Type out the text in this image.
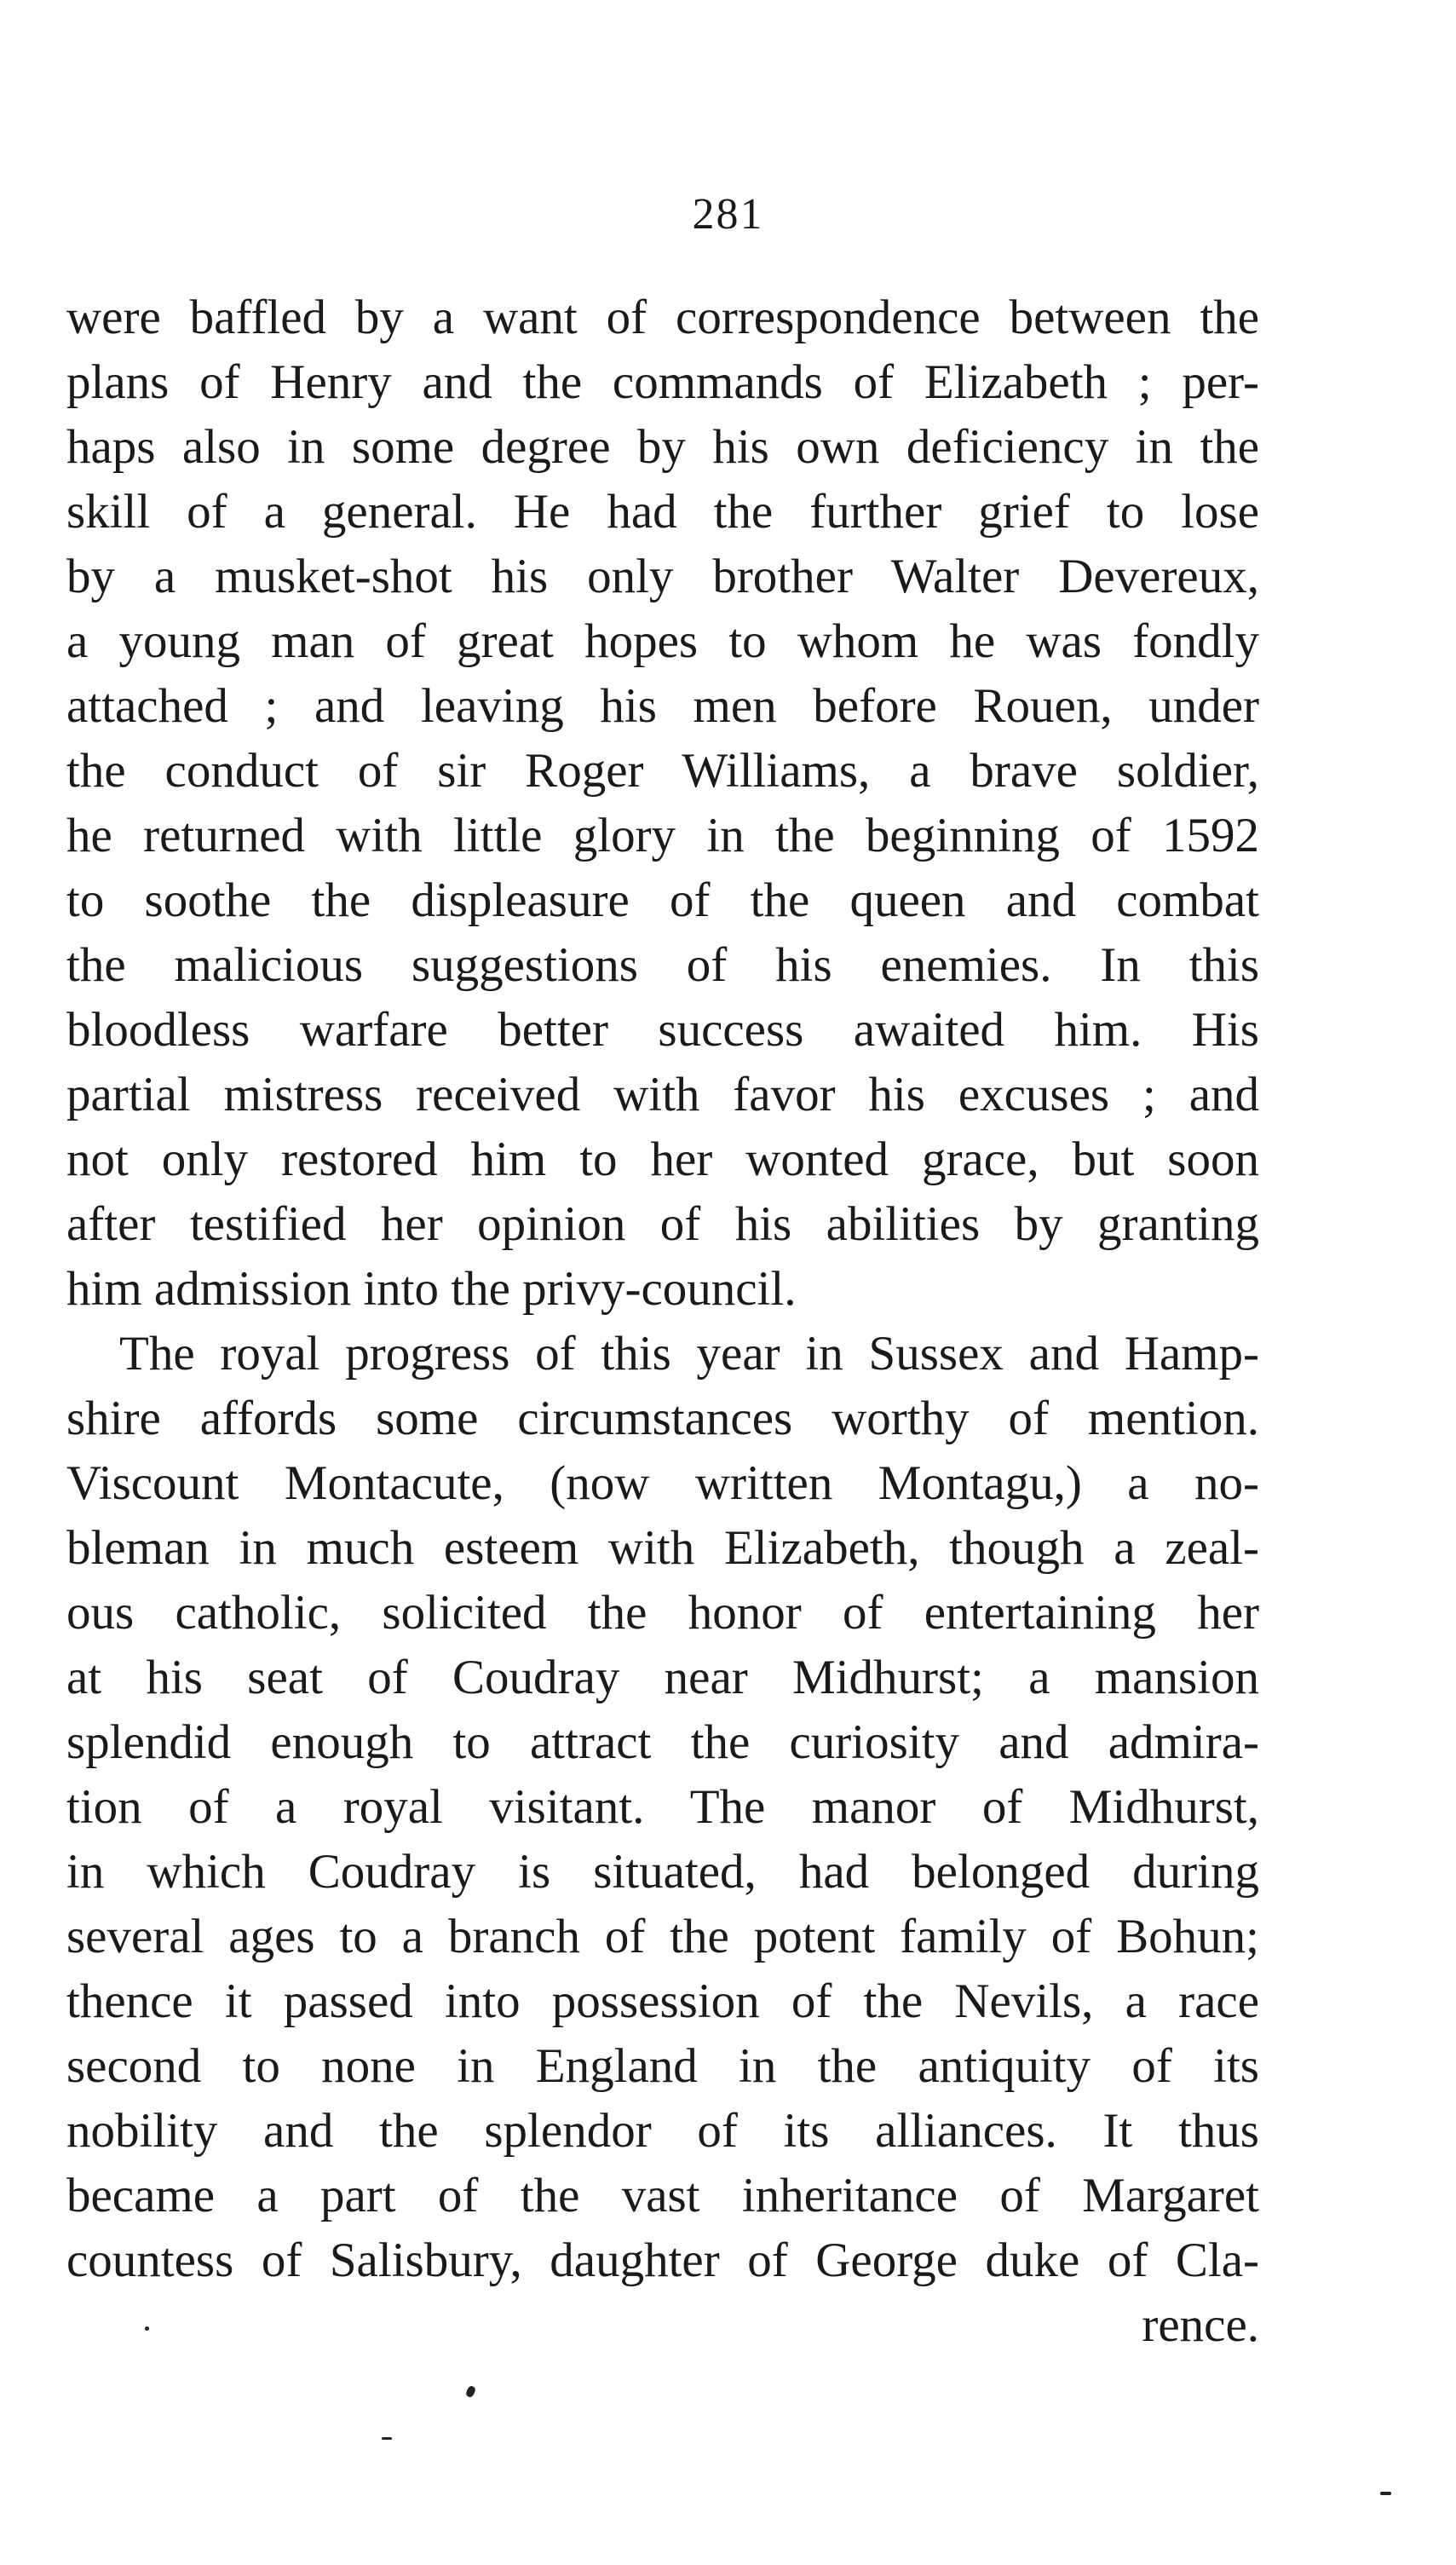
281
were baffled by a want of correspondence between the
plans of Henry and the commands of Elizabeth ; per-
haps also in some degree by his own deficiency in the
skill of a general. He had the further grief to lose
by a musket-shot his only brother Walter Devereux,
a young man of great hopes to whom he was fondly
attached ; and leaving his men before Rouen, under
the conduct of sir Roger Williams, a brave soldier,
he returned with little glory in the beginning of 1592
to soothe the displeasure of the queen and combat
the malicious suggestions of his enemies. In this
bloodless warfare better success awaited him. His
partial mistress received with favor his excuses ; and
not only restored him to her wonted grace, but soon
after testified her opinion of his abilities by granting
him admission into the privy-council.
The royal progress of this year in Sussex and Hamp-
shire affords some circumstances worthy of mention.
Viscount Montacute, (now written Montagu,) a no-
bleman in much esteem with Elizabeth, though a zeal-
ous catholic, solicited the honor of entertaining her
at his seat of Coudray near Midhurst; a mansion
splendid enough to attract the curiosity and admira-
tion of a royal visitant. The manor of Midhurst,
in which Coudray is situated, had belonged during
several ages to a branch of the potent family of Bohun;
thence it passed into possession of the Nevils, a race
second to none in England in the antiquity of its
nobility and the splendor of its alliances. It thus
became a part of the vast inheritance of Margaret
countess of Salisbury, daughter of George duke of Cla-
rence.
